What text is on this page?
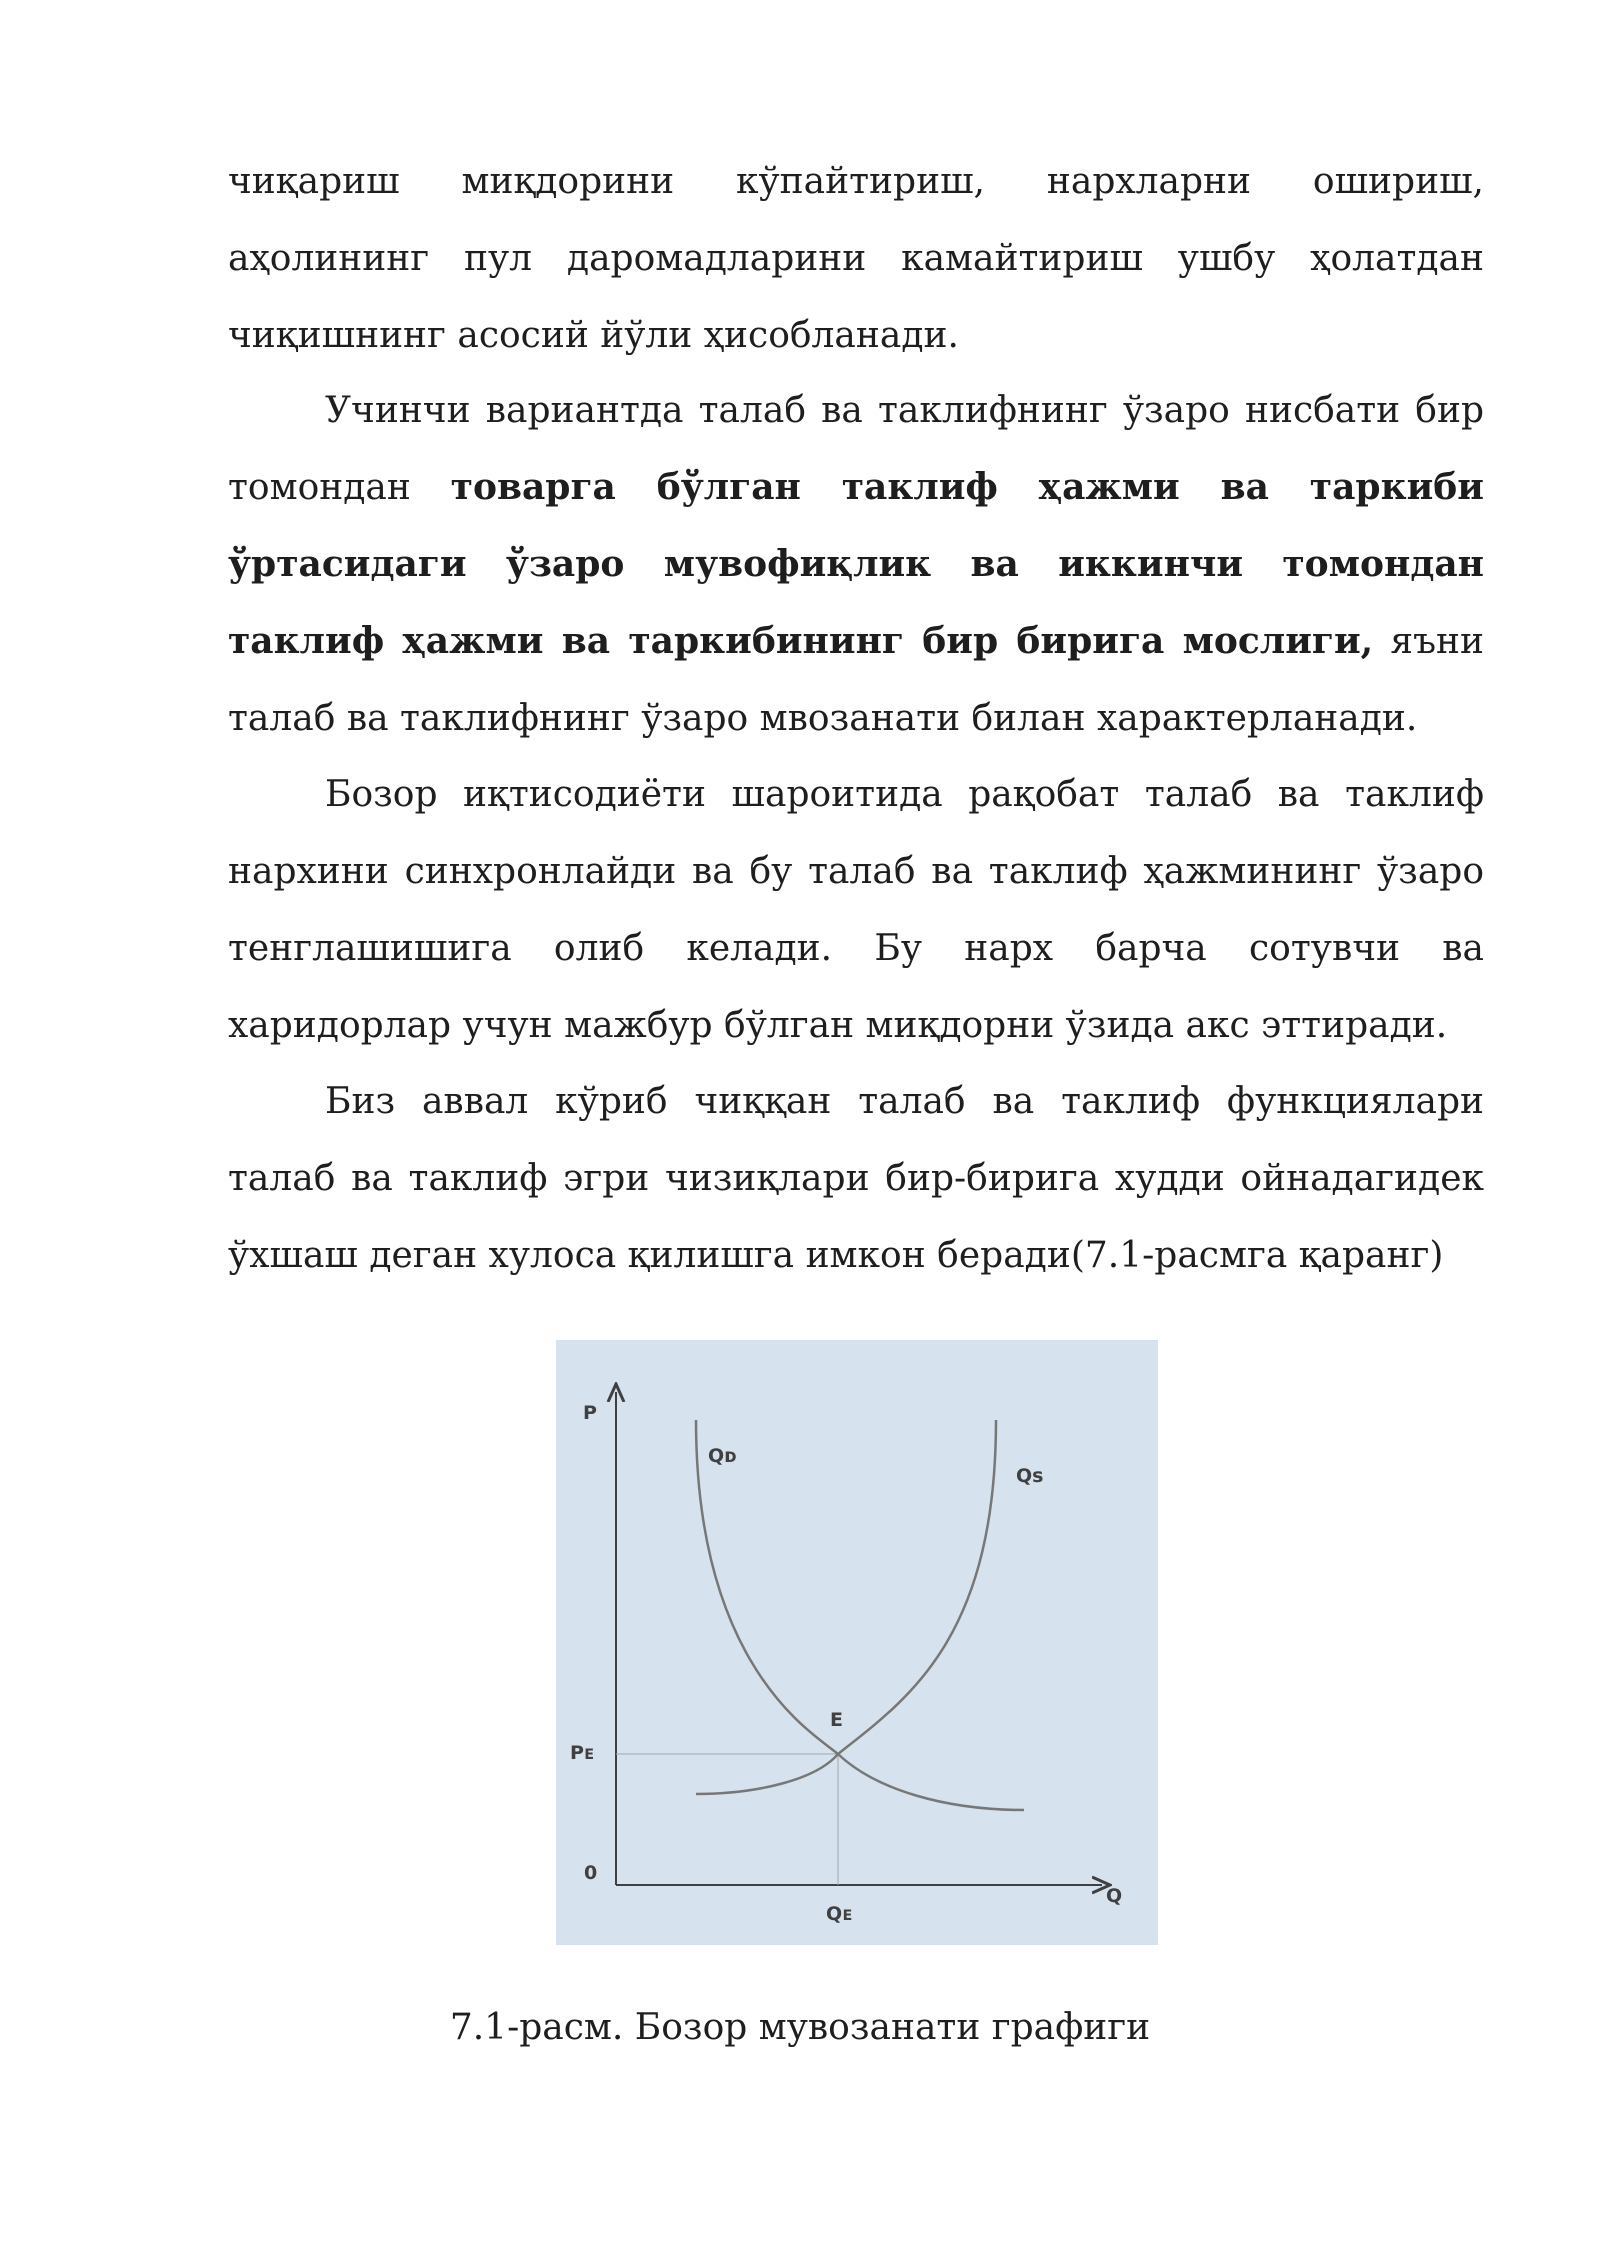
чиқариш миқдорини кўпайтириш, нархларни ошириш, аҳолининг пул даромадларини камайтириш ушбу ҳолатдан чиқишнинг асосий йўли ҳисобланади.

Учинчи вариантда талаб ва таклифнинг ўзаро нисбати бир томондан товарга бўлган таклиф ҳажми ва таркиби ўртасидаги ўзаро мувофиқлик ва иккинчи томондан таклиф ҳажми ва таркибининг бир бирига мослиги, яъни талаб ва таклифнинг ўзаро мвозанати билан характерланади.

Бозор иқтисодиёти шароитида рақобат талаб ва таклиф нархини синхронлайди ва бу талаб ва таклиф ҳажмининг ўзаро тенглашишига олиб келади. Бу нарх барча сотувчи ва харидорлар учун мажбур бўлган миқдорни ўзида акс эттиради.

Биз аввал кўриб чиққан талаб ва таклиф функциялари талаб ва таклиф эгри чизиқлари бир-бирига худди ойнадагидек ўхшаш деган хулоса қилишга имкон беради(7.1-расмга қаранг)

P
Q
0
Qᴅ
Qѕ
E
Pᴇ
Qᴇ

7.1-расм. Бозор мувозанати графиги
